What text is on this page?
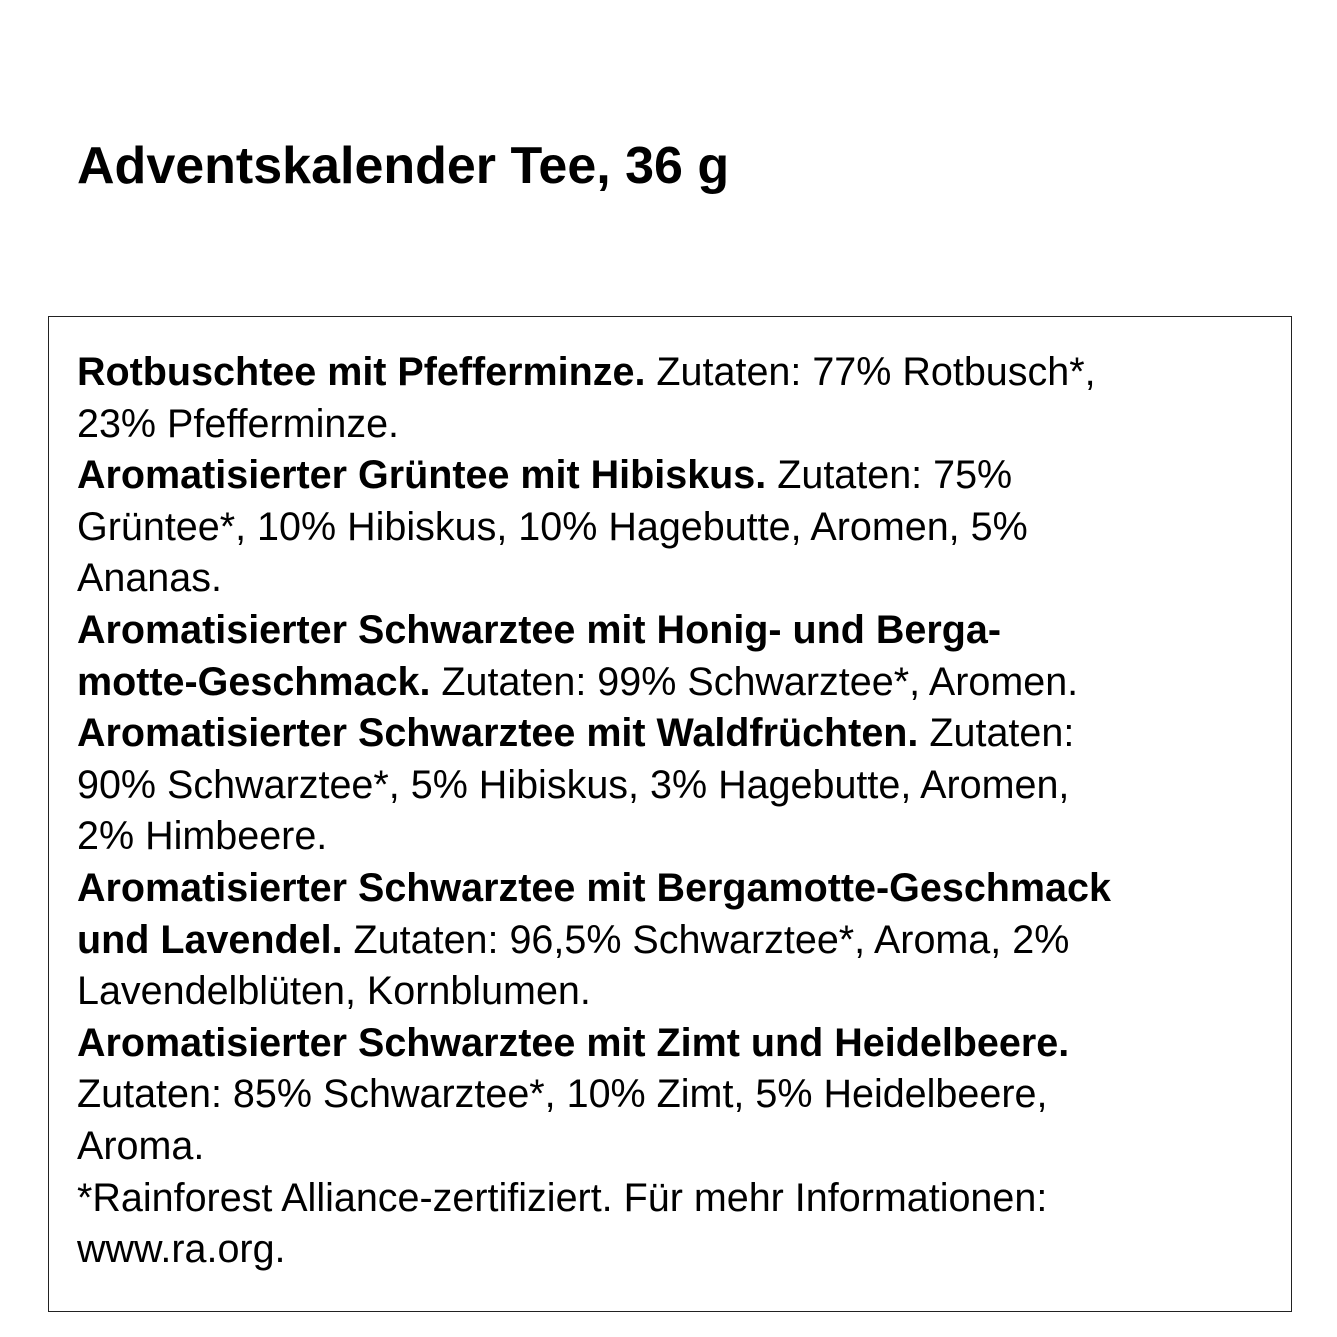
Adventskalender Tee, 36 g
Rotbuschtee mit Pfefferminze. Zutaten: 77% Rotbusch*,
23% Pfefferminze.
Aromatisierter Grüntee mit Hibiskus. Zutaten: 75%
Grüntee*, 10% Hibiskus, 10% Hagebutte, Aromen, 5%
Ananas.
Aromatisierter Schwarztee mit Honig- und Berga-
motte-Geschmack. Zutaten: 99% Schwarztee*, Aromen.
Aromatisierter Schwarztee mit Waldfrüchten. Zutaten:
90% Schwarztee*, 5% Hibiskus, 3% Hagebutte, Aromen,
2% Himbeere.
Aromatisierter Schwarztee mit Bergamotte-Geschmack
und Lavendel. Zutaten: 96,5% Schwarztee*, Aroma, 2%
Lavendelblüten, Kornblumen.
Aromatisierter Schwarztee mit Zimt und Heidelbeere.
Zutaten: 85% Schwarztee*, 10% Zimt, 5% Heidelbeere,
Aroma.
*Rainforest Alliance-zertifiziert. Für mehr Informationen:
www.ra.org.
